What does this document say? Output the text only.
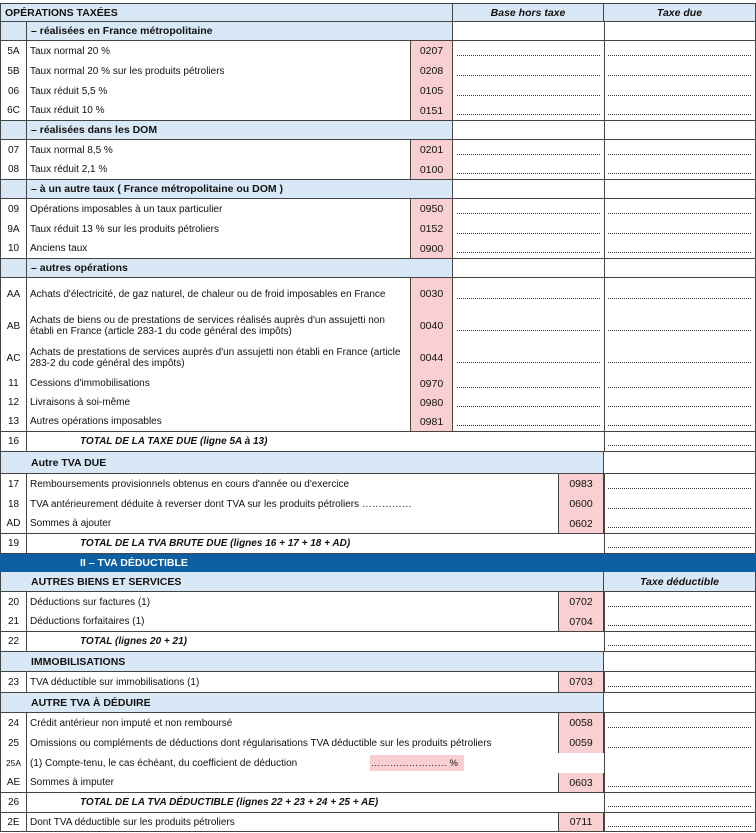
OPÉRATIONS TAXÉES	Base hors taxe	Taxe due
– réalisées en France métropolitaine
5A	Taux normal 20 %	0207
5B	Taux normal 20 % sur les produits pétroliers	0208
06	Taux réduit 5,5 %	0105
6C	Taux réduit 10 %	0151
– réalisées dans les DOM
07	Taux normal 8,5 %	0201
08	Taux réduit 2,1 %	0100
– à un autre taux ( France métropolitaine ou DOM )
09	Opérations imposables à un taux particulier	0950
9A	Taux réduit 13 % sur les produits pétroliers	0152
10	Anciens taux	0900
– autres opérations
AA Achats d'électricité, de gaz naturel, de chaleur ou de froid imposables en France	0030
AB Achats de biens ou de prestations de services réalisés auprès d'un assujetti non établi en France (article 283-1 du code général des impôts)	0040
AC Achats de prestations de services auprès d'un assujetti non établi en France (article 283-2 du code général des impôts)	0044
11	Cessions d'immobilisations	0970
12	Livraisons à soi-même	0980
13	Autres opérations imposables	0981
16	TOTAL DE LA TAXE DUE (ligne 5A à 13)
Autre TVA DUE
17	Remboursements provisionnels obtenus en cours d'année ou d'exercice	0983
18	TVA antérieurement déduite à reverser dont TVA sur les produits pétroliers ……………	0600
AD Sommes à ajouter	0602
19	TOTAL DE LA TVA BRUTE DUE (lignes 16 + 17 + 18 + AD)
II – TVA DÉDUCTIBLE
AUTRES BIENS ET SERVICES	Taxe déductible
20	Déductions sur factures (1)	0702
21	Déductions forfaitaires (1)	0704
22	TOTAL (lignes 20 + 21)
IMMOBILISATIONS
23	TVA déductible sur immobilisations (1)	0703
AUTRE TVA À DÉDUIRE
24	Crédit antérieur non imputé et non remboursé	0058
25	Omissions ou compléments de déductions dont régularisations TVA déductible sur les produits pétroliers	0059
25A (1) Compte-tenu, le cas échéant, du coefficient de déduction	…………………… %
AE Sommes à imputer	0603
26	TOTAL DE LA TVA DÉDUCTIBLE (lignes 22 + 23 + 24 + 25 + AE)
2E	Dont TVA déductible sur les produits pétroliers	0711
